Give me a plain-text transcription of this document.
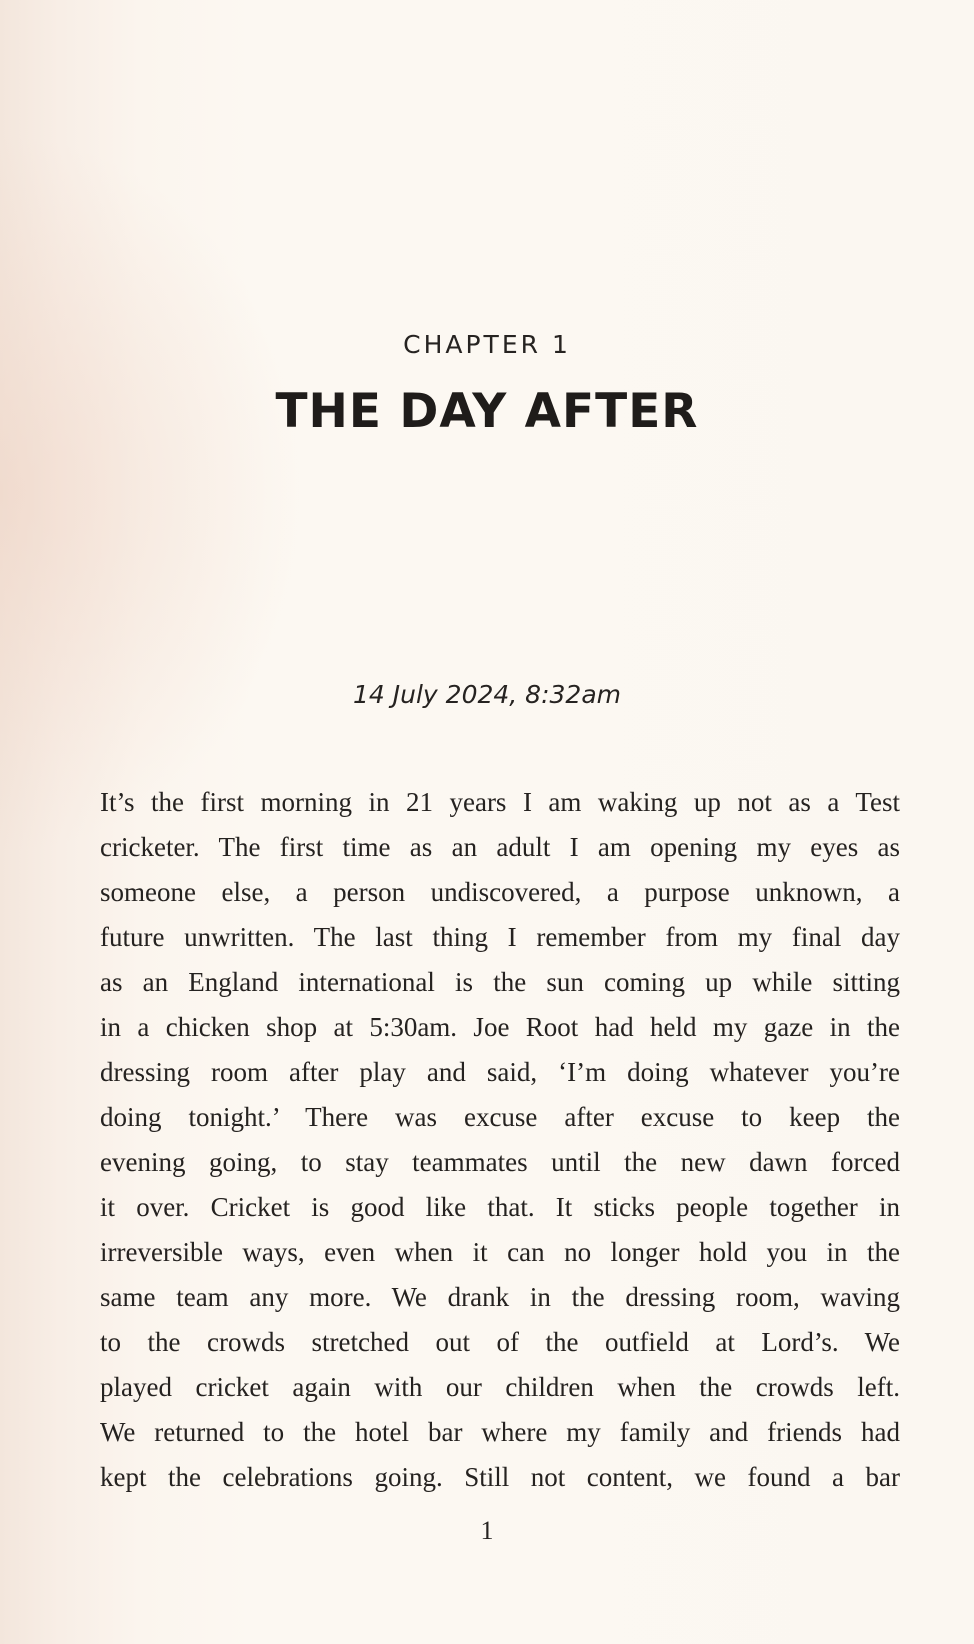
CHAPTER 1
THE DAY AFTER
14 July 2024, 8:32am
It’s the first morning in 21 years I am waking up not as a Test
cricketer. The first time as an adult I am opening my eyes as
someone else, a person undiscovered, a purpose unknown, a
future unwritten. The last thing I remember from my final day
as an England international is the sun coming up while sitting
in a chicken shop at 5:30am. Joe Root had held my gaze in the
dressing room after play and said, ‘I’m doing whatever you’re
doing tonight.’ There was excuse after excuse to keep the
evening going, to stay teammates until the new dawn forced
it over. Cricket is good like that. It sticks people together in
irreversible ways, even when it can no longer hold you in the
same team any more. We drank in the dressing room, waving
to the crowds stretched out of the outfield at Lord’s. We
played cricket again with our children when the crowds left.
We returned to the hotel bar where my family and friends had
kept the celebrations going. Still not content, we found a bar
1
